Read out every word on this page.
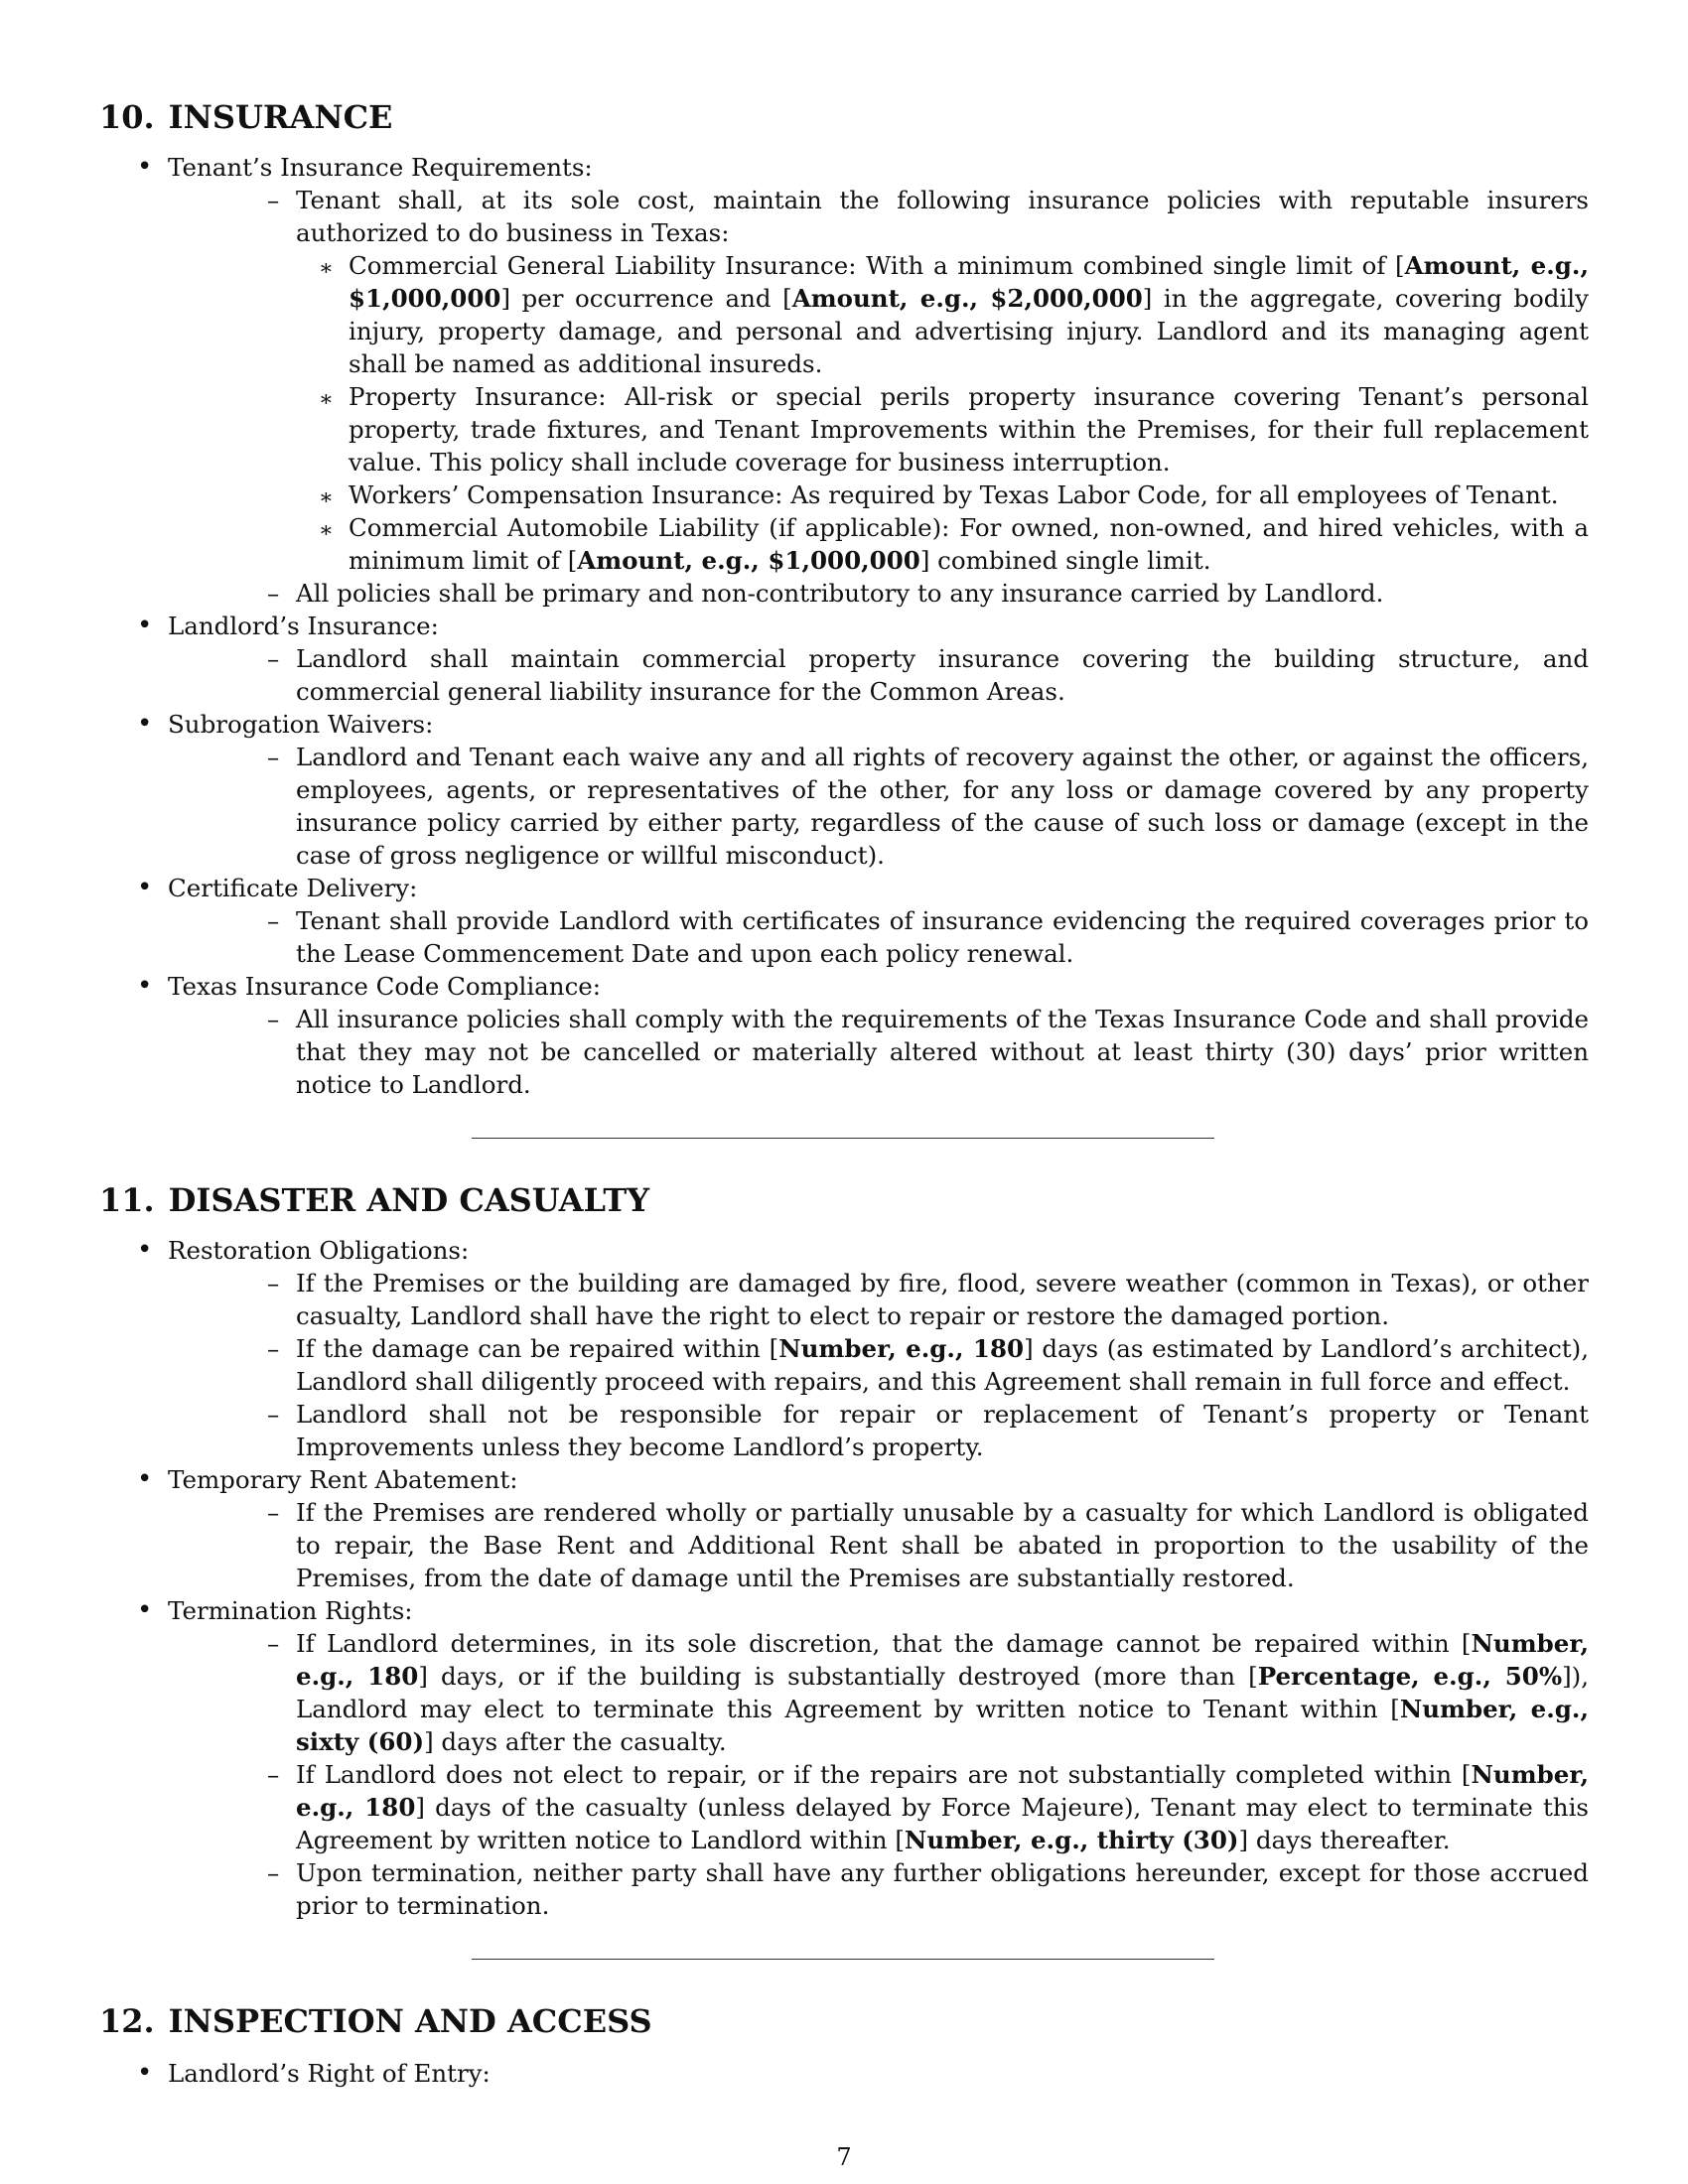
10. INSURANCE
• Tenant’s Insurance Requirements:
– Tenant shall, at its sole cost, maintain the following insurance policies with reputable insurers authorized to do business in Texas:
∗ Commercial General Liability Insurance: With a minimum combined single limit of [Amount, e.g., $1,000,000] per occurrence and [Amount, e.g., $2,000,000] in the aggregate, covering bodily injury, property damage, and personal and advertising injury. Landlord and its managing agent shall be named as additional insureds.
∗ Property Insurance: All-risk or special perils property insurance covering Tenant’s personal property, trade fixtures, and Tenant Improvements within the Premises, for their full replacement value. This policy shall include coverage for business interruption.
∗ Workers’ Compensation Insurance: As required by Texas Labor Code, for all employees of Tenant.
∗ Commercial Automobile Liability (if applicable): For owned, non-owned, and hired vehicles, with a minimum limit of [Amount, e.g., $1,000,000] combined single limit.
– All policies shall be primary and non-contributory to any insurance carried by Landlord.
• Landlord’s Insurance:
– Landlord shall maintain commercial property insurance covering the building structure, and commercial general liability insurance for the Common Areas.
• Subrogation Waivers:
– Landlord and Tenant each waive any and all rights of recovery against the other, or against the officers, employees, agents, or representatives of the other, for any loss or damage covered by any property insurance policy carried by either party, regardless of the cause of such loss or damage (except in the case of gross negligence or willful misconduct).
• Certificate Delivery:
– Tenant shall provide Landlord with certificates of insurance evidencing the required coverages prior to the Lease Commencement Date and upon each policy renewal.
• Texas Insurance Code Compliance:
– All insurance policies shall comply with the requirements of the Texas Insurance Code and shall provide that they may not be cancelled or materially altered without at least thirty (30) days’ prior written notice to Landlord.
11. DISASTER AND CASUALTY
• Restoration Obligations:
– If the Premises or the building are damaged by fire, flood, severe weather (common in Texas), or other casualty, Landlord shall have the right to elect to repair or restore the damaged portion.
– If the damage can be repaired within [Number, e.g., 180] days (as estimated by Landlord’s architect), Landlord shall diligently proceed with repairs, and this Agreement shall remain in full force and effect.
– Landlord shall not be responsible for repair or replacement of Tenant’s property or Tenant Improvements unless they become Landlord’s property.
• Temporary Rent Abatement:
– If the Premises are rendered wholly or partially unusable by a casualty for which Landlord is obligated to repair, the Base Rent and Additional Rent shall be abated in proportion to the usability of the Premises, from the date of damage until the Premises are substantially restored.
• Termination Rights:
– If Landlord determines, in its sole discretion, that the damage cannot be repaired within [Number, e.g., 180] days, or if the building is substantially destroyed (more than [Percentage, e.g., 50%]), Landlord may elect to terminate this Agreement by written notice to Tenant within [Number, e.g., sixty (60)] days after the casualty.
– If Landlord does not elect to repair, or if the repairs are not substantially completed within [Number, e.g., 180] days of the casualty (unless delayed by Force Majeure), Tenant may elect to terminate this Agreement by written notice to Landlord within [Number, e.g., thirty (30)] days thereafter.
– Upon termination, neither party shall have any further obligations hereunder, except for those accrued prior to termination.
12. INSPECTION AND ACCESS
• Landlord’s Right of Entry:
7
